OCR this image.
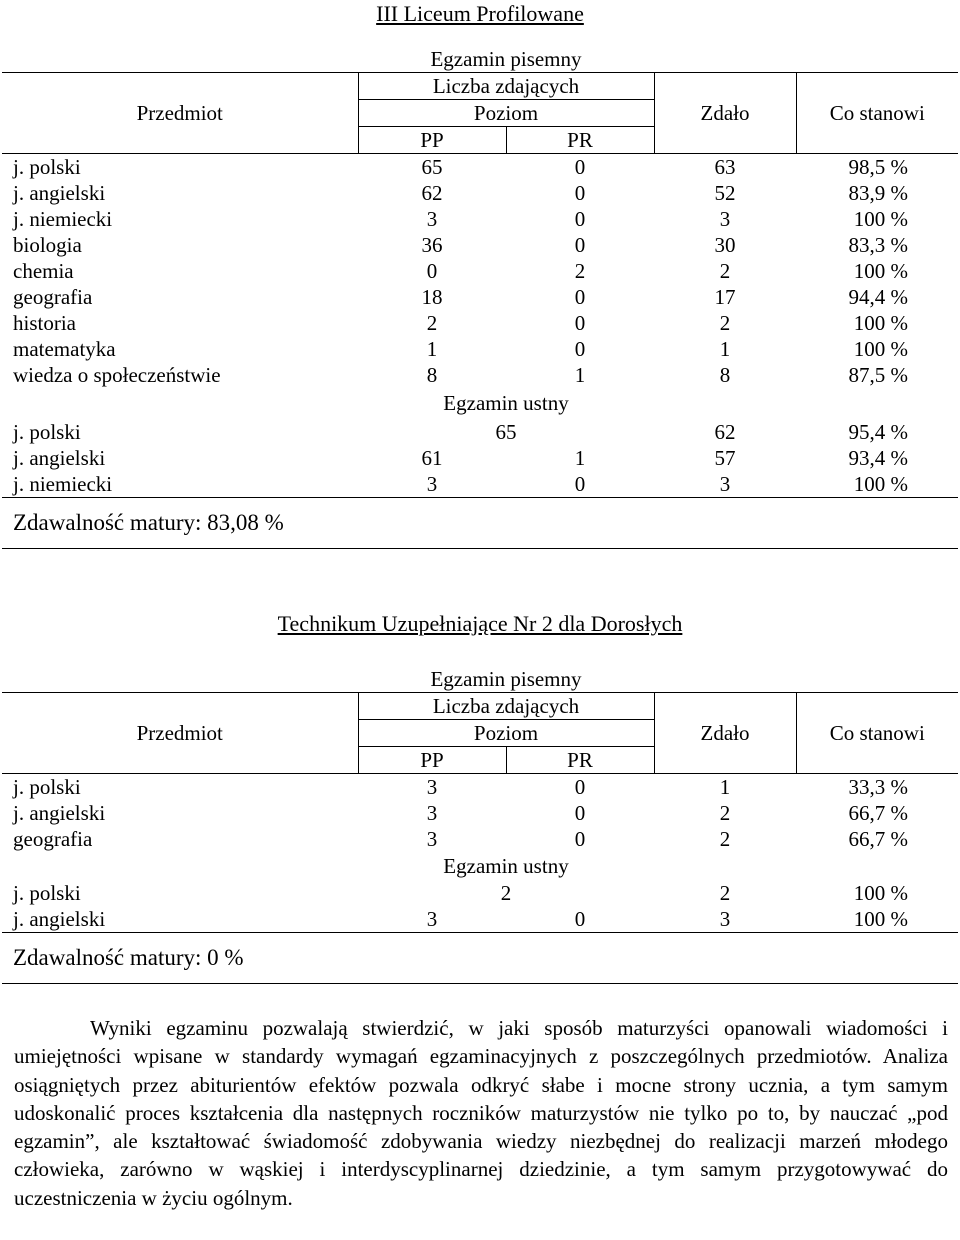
III Liceum Profilowane
	Egzamin pisemny			
Przedmiot	Liczba zdających		Zdało	Co stanowi
	Poziom			
	PP	PR		
j. polski	65	0	63	98,5 %
j. angielski	62	0	52	83,9 %
j. niemiecki	3	0	3	100 %
biologia	36	0	30	83,3 %
chemia	0	2	2	100 %
geografia	18	0	17	94,4 %
historia	2	0	2	100 %
matematyka	1	0	1	100 %
wiedza o społeczeństwie	8	1	8	87,5 %
	Egzamin ustny			
j. polski	65		62	95,4 %
j. angielski	61	1	57	93,4 %
j. niemiecki	3	0	3	100 %
Zdawalność matury: 83,08 %				
Technikum Uzupełniające Nr 2 dla Dorosłych
	Egzamin pisemny			
Przedmiot	Liczba zdających		Zdało	Co stanowi
	Poziom			
	PP	PR		
j. polski	3	0	1	33,3 %
j. angielski	3	0	2	66,7 %
geografia	3	0	2	66,7 %
	Egzamin ustny			
j. polski	2		2	100 %
j. angielski	3	0	3	100 %
Zdawalność matury: 0 %				

Wyniki egzaminu pozwalają stwierdzić, w jaki sposób maturzyści opanowali wiadomości i umiejętności wpisane w standardy wymagań egzaminacyjnych z poszczególnych przedmiotów. Analiza osiągniętych przez abiturientów efektów pozwala odkryć słabe i mocne strony ucznia, a tym samym udoskonalić proces kształcenia dla następnych roczników maturzystów nie tylko po to, by nauczać „pod egzamin”, ale kształtować świadomość zdobywania wiedzy niezbędnej do realizacji marzeń młodego człowieka, zarówno w wąskiej i interdyscyplinarnej dziedzinie, a tym samym przygotowywać do uczestniczenia w życiu ogólnym.
